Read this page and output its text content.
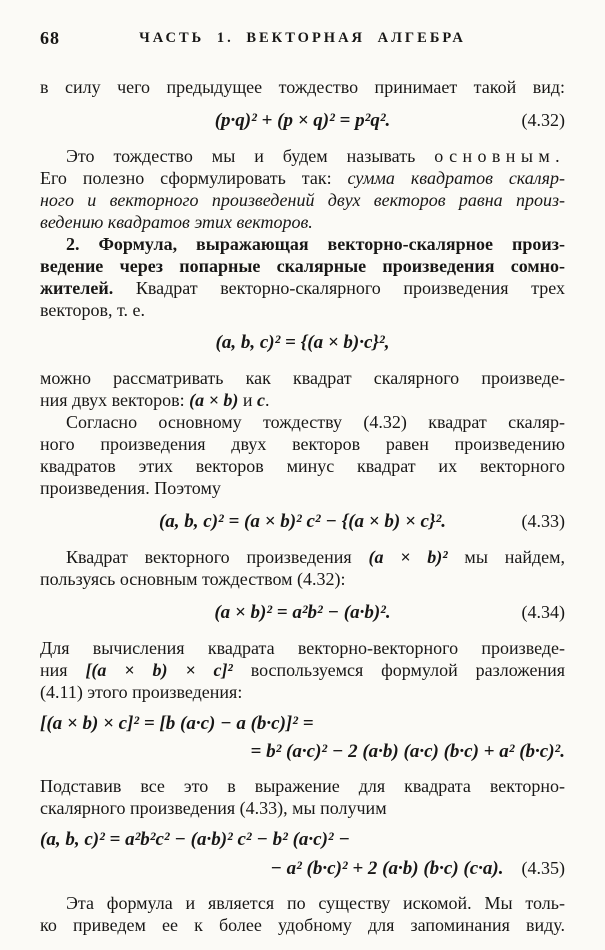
68	ЧАСТЬ 1. ВЕКТОРНАЯ АЛГЕБРА
в силу чего предыдущее тождество принимает такой вид:
(p·q)² + (p × q)² = p²q².	(4.32)
Это тождество мы и будем называть основным.
Его полезно сформулировать так: сумма квадратов скаляр-
ного и векторного произведений двух векторов равна произ-
ведению квадратов этих векторов.
2. Формула, выражающая векторно-скалярное произ-
ведение через попарные скалярные произведения сомно-
жителей. Квадрат векторно-скалярного произведения трех
векторов, т. е.
(a, b, c)² = {(a × b)·c}²,
можно рассматривать как квадрат скалярного произведе-
ния двух векторов: (a × b) и c.
Согласно основному тождеству (4.32) квадрат скаляр-
ного произведения двух векторов равен произведению
квадратов этих векторов минус квадрат их векторного
произведения. Поэтому
(a, b, c)² = (a × b)² c² − {(a × b) × c}².	(4.33)
Квадрат векторного произведения (a × b)² мы найдем,
пользуясь основным тождеством (4.32):
(a × b)² = a²b² − (a·b)².	(4.34)
Для вычисления квадрата векторно-векторного произведе-
ния [(a × b) × c]² воспользуемся формулой разложения
(4.11) этого произведения:
[(a × b) × c]² = [b (a·c) − a (b·c)]² =
= b² (a·c)² − 2 (a·b) (a·c) (b·c) + a² (b·c)².
Подставив все это в выражение для квадрата векторно-
скалярного произведения (4.33), мы получим
(a, b, c)² = a²b²c² − (a·b)² c² − b² (a·c)² −
− a² (b·c)² + 2 (a·b) (b·c) (c·a). (4.35)
Эта формула и является по существу искомой. Мы толь-
ко приведем ее к более удобному для запоминания виду.
